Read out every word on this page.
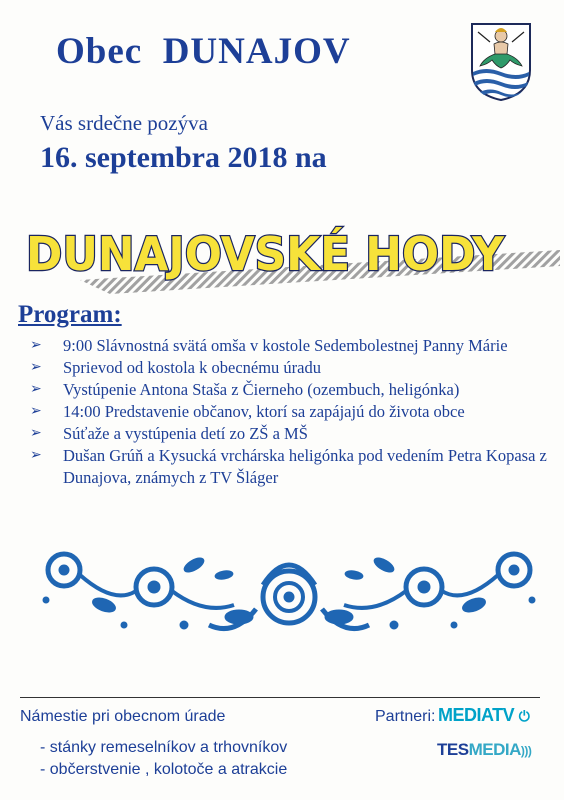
Obec  DUNAJOV
Vás srdečne pozýva
16. septembra 2018 na
DUNAJOVSKÉ HODY
Program:
➢ 9:00 Slávnostná svätá omša v kostole Sedembolestnej Panny Márie
➢ Sprievod od kostola k obecnému úradu
➢ Vystúpenie Antona Staša z Čierneho (ozembuch, heligónka)
➢ 14:00 Predstavenie občanov, ktorí sa zapájajú do života obce
➢ Súťaže a vystúpenia detí zo ZŠ a MŠ
➢ Dušan Grúň a Kysucká vrchárska heligónka pod vedením Petra Kopasa z Dunajova, známych z TV Šláger
Námestie pri obecnom úrade
- stánky remeselníkov a trhovníkov
- občerstvenie , kolotoče a atrakcie
Partneri: MEDIATV ⏻
TESMEDIA)))
